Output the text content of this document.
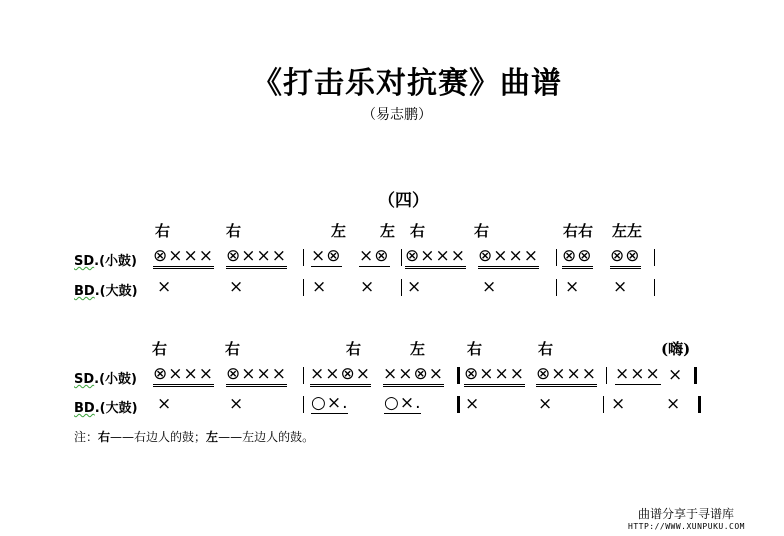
《打击乐对抗赛》曲谱
（易志鹏）
（四）
右	右	左 左 右	右	右右 左左
SD.(小鼓) ⊗××× ⊗××× ×⊗ ×⊗ ⊗××× ⊗××× ⊗⊗ ⊗⊗
BD.(大鼓) ×	×	× × ×	×	× ×
右	右	右	左	右	右	(嗨)
SD.(小鼓) ⊗××× ⊗××× ××⊗× ××⊗× ⊗××× ⊗××× ××× ×
BD.(大鼓) ×	×	○×. ○×.	×	×	× ×
注：右——右边人的鼓；左——左边人的鼓。
曲谱分享于寻谱库
HTTP://WWW.XUNPUKU.COM
